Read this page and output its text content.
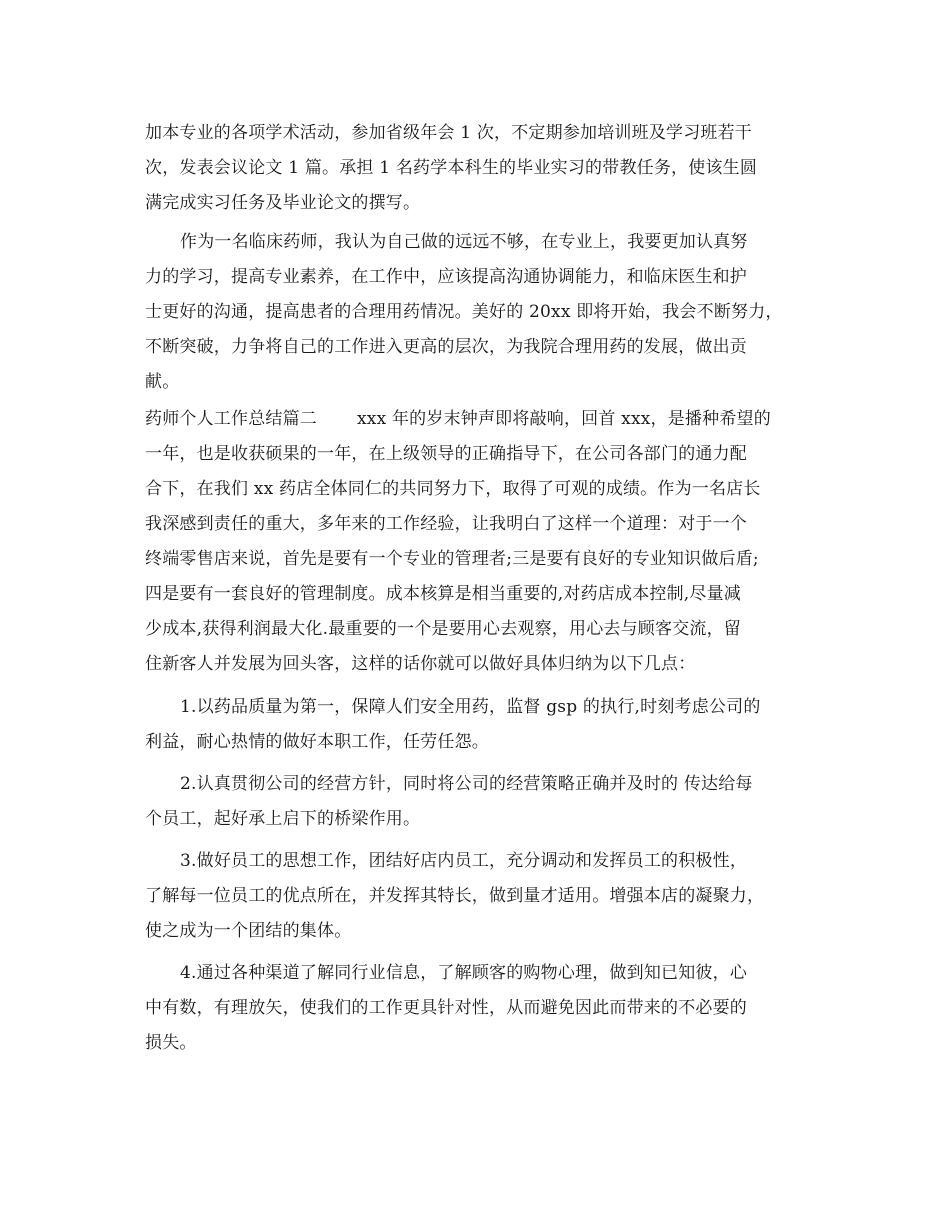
加本专业的各项学术活动，参加省级年会 1 次，不定期参加培训班及学习班若干
次，发表会议论文 1 篇。承担 1 名药学本科生的毕业实习的带教任务，使该生圆
满完成实习任务及毕业论文的撰写。
作为一名临床药师，我认为自己做的远远不够，在专业上，我要更加认真努
力的学习，提高专业素养，在工作中，应该提高沟通协调能力，和临床医生和护
士更好的沟通，提高患者的合理用药情况。美好的 20xx 即将开始，我会不断努力，
不断突破，力争将自己的工作进入更高的层次，为我院合理用药的发展，做出贡
献。
药师个人工作总结篇二　　 xxx 年的岁末钟声即将敲响，回首 xxx，是播种希望的
一年，也是收获硕果的一年，在上级领导的正确指导下，在公司各部门的通力配
合下，在我们 xx 药店全体同仁的共同努力下，取得了可观的成绩。作为一名店长
我深感到责任的重大，多年来的工作经验，让我明白了这样一个道理：对于一个
终端零售店来说，首先是要有一个专业的管理者;三是要有良好的专业知识做后盾;
四是要有一套良好的管理制度。成本核算是相当重要的,对药店成本控制,尽量减
少成本,获得利润最大化.最重要的一个是要用心去观察，用心去与顾客交流，留
住新客人并发展为回头客，这样的话你就可以做好具体归纳为以下几点：
1.以药品质量为第一，保障人们安全用药，监督 gsp 的执行,时刻考虑公司的
利益，耐心热情的做好本职工作，任劳任怨。
2.认真贯彻公司的经营方针，同时将公司的经营策略正确并及时的 传达给每
个员工，起好承上启下的桥梁作用。
3.做好员工的思想工作，团结好店内员工，充分调动和发挥员工的积极性，
了解每一位员工的优点所在，并发挥其特长，做到量才适用。增强本店的凝聚力，
使之成为一个团结的集体。
4.通过各种渠道了解同行业信息，了解顾客的购物心理，做到知已知彼，心
中有数，有理放矢，使我们的工作更具针对性，从而避免因此而带来的不必要的
损失。
